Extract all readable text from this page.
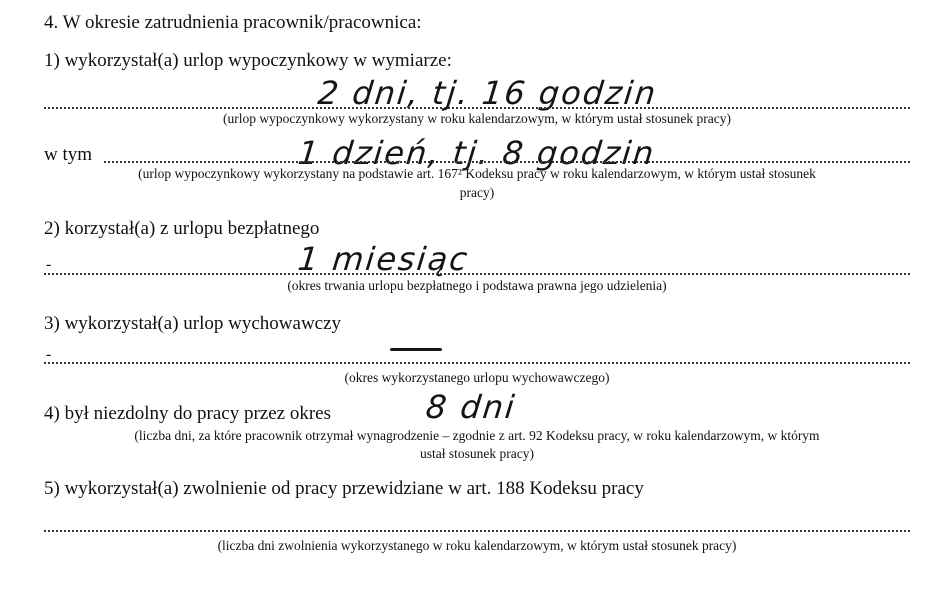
4. W okresie zatrudnienia pracownik/pracownica:
1) wykorzystał(a) urlop wypoczynkowy w wymiarze:
2 dni, tj. 16 godzin
(urlop wypoczynkowy wykorzystany w roku kalendarzowym, w którym ustał stosunek pracy)
w tym	1 dzień, tj. 8 godzin
(urlop wypoczynkowy wykorzystany na podstawie art. 167² Kodeksu pracy w roku kalendarzowym, w którym ustał stosunek
pracy)
2) korzystał(a) z urlopu bezpłatnego
-	1 miesiąc
(okres trwania urlopu bezpłatnego i podstawa prawna jego udzielenia)
3) wykorzystał(a) urlop wychowawczy
-
(okres wykorzystanego urlopu wychowawczego)
4) był niezdolny do pracy przez okres	8 dni
(liczba dni, za które pracownik otrzymał wynagrodzenie – zgodnie z art. 92 Kodeksu pracy, w roku kalendarzowym, w którym
ustał stosunek pracy)
5) wykorzystał(a) zwolnienie od pracy przewidziane w art. 188 Kodeksu pracy
(liczba dni zwolnienia wykorzystanego w roku kalendarzowym, w którym ustał stosunek pracy)
